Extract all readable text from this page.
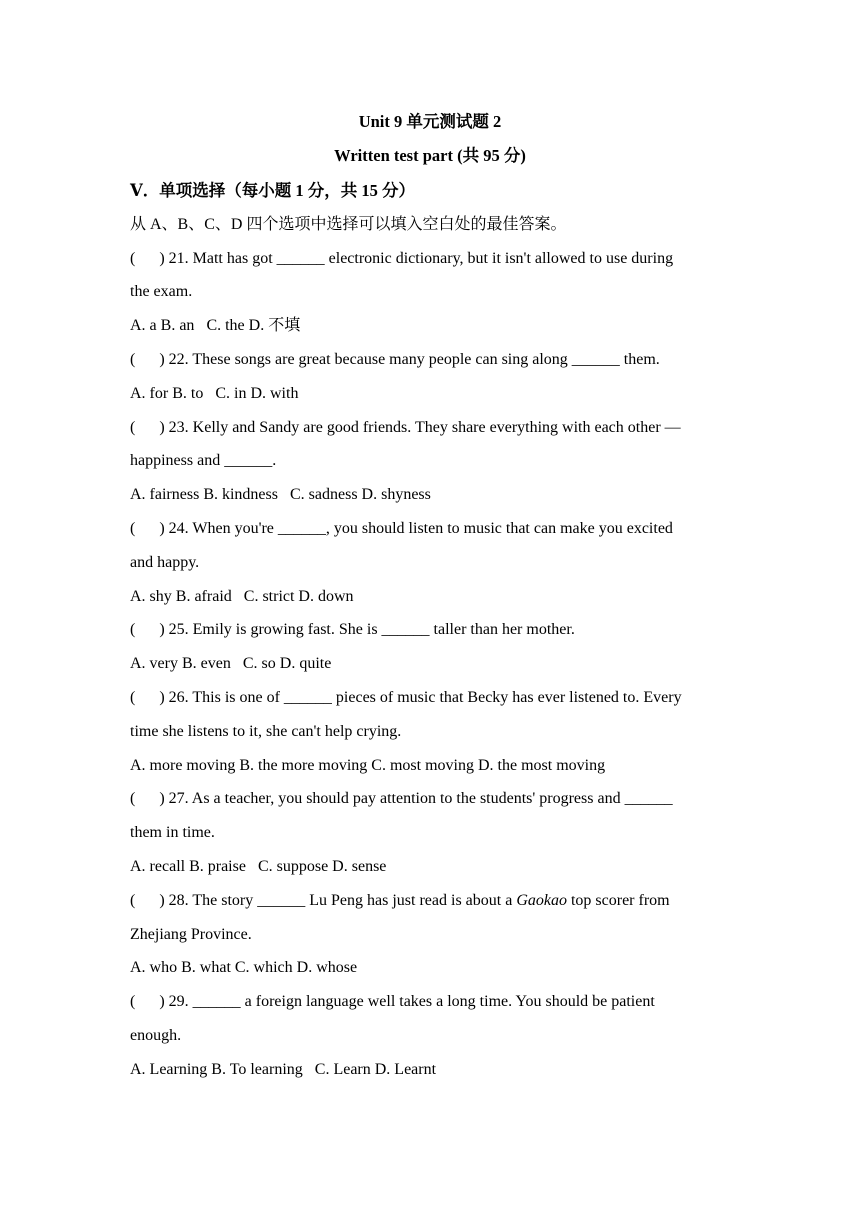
Unit 9 单元测试题 2
Written test part (共 95 分)
Ⅴ．单项选择（每小题 1 分，共 15 分）
从 A、B、C、D 四个选项中选择可以填入空白处的最佳答案。
(      ) 21. Matt has got ______ electronic dictionary, but it isn't allowed to use during
the exam.
A. a B. an C. the D. 不填
(      ) 22. These songs are great because many people can sing along ______ them.
A. for B. to C. in D. with
(      ) 23. Kelly and Sandy are good friends. They share everything with each other —
happiness and ______.
A. fairness B. kindness C. sadness D. shyness
(      ) 24. When you're ______, you should listen to music that can make you excited
and happy.
A. shy B. afraid C. strict D. down
(      ) 25. Emily is growing fast. She is ______ taller than her mother.
A. very B. even C. so D. quite
(      ) 26. This is one of ______ pieces of music that Becky has ever listened to. Every
time she listens to it, she can't help crying.
A. more moving B. the more moving C. most moving D. the most moving
(      ) 27. As a teacher, you should pay attention to the students' progress and ______
them in time.
A. recall B. praise C. suppose D. sense
(      ) 28. The story ______ Lu Peng has just read is about a Gaokao top scorer from
Zhejiang Province.
A. who B. what C. which D. whose
(      ) 29. ______ a foreign language well takes a long time. You should be patient
enough.
A. Learning B. To learning C. Learn D. Learnt
